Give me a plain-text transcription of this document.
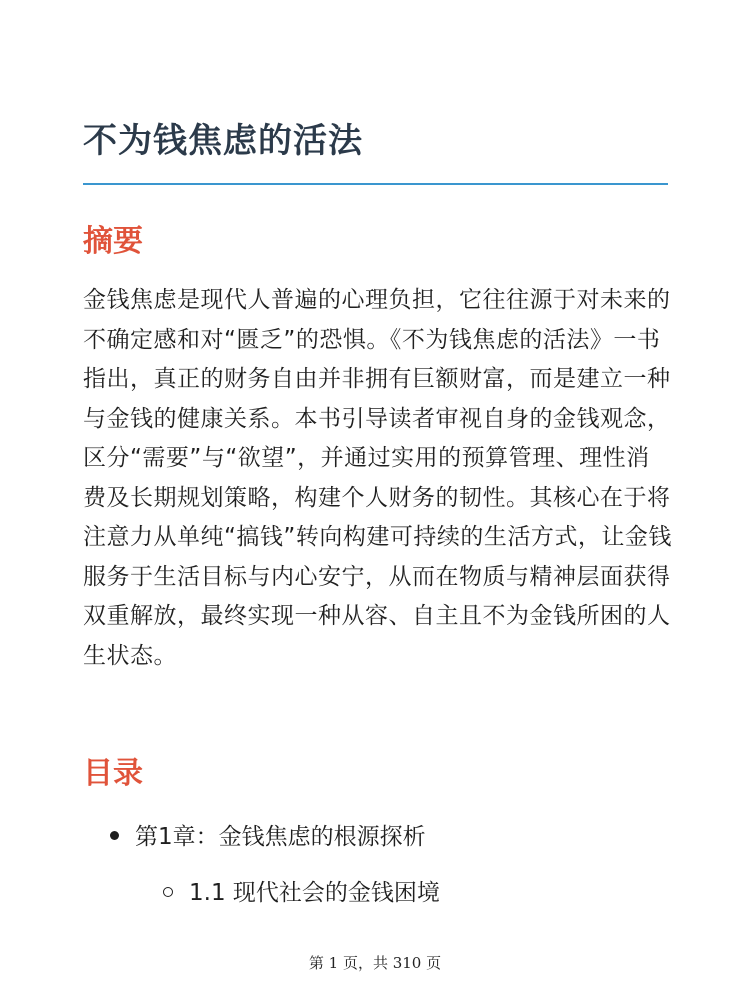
不为钱焦虑的活法
摘要

金钱焦虑是现代人普遍的心理负担，它往往源于对未来的不确定感和对“匮乏”的恐惧。《不为钱焦虑的活法》一书指出，真正的财务自由并非拥有巨额财富，而是建立一种与金钱的健康关系。本书引导读者审视自身的金钱观念，区分“需要”与“欲望”，并通过实用的预算管理、理性消费及长期规划策略，构建个人财务的韧性。其核心在于将注意力从单纯“搞钱”转向构建可持续的生活方式，让金钱服务于生活目标与内心安宁，从而在物质与精神层面获得双重解放，最终实现一种从容、自主且不为金钱所困的人生状态。

目录
第1章：金钱焦虑的根源探析
1.1 现代社会的金钱困境
第 1 页，共 310 页
